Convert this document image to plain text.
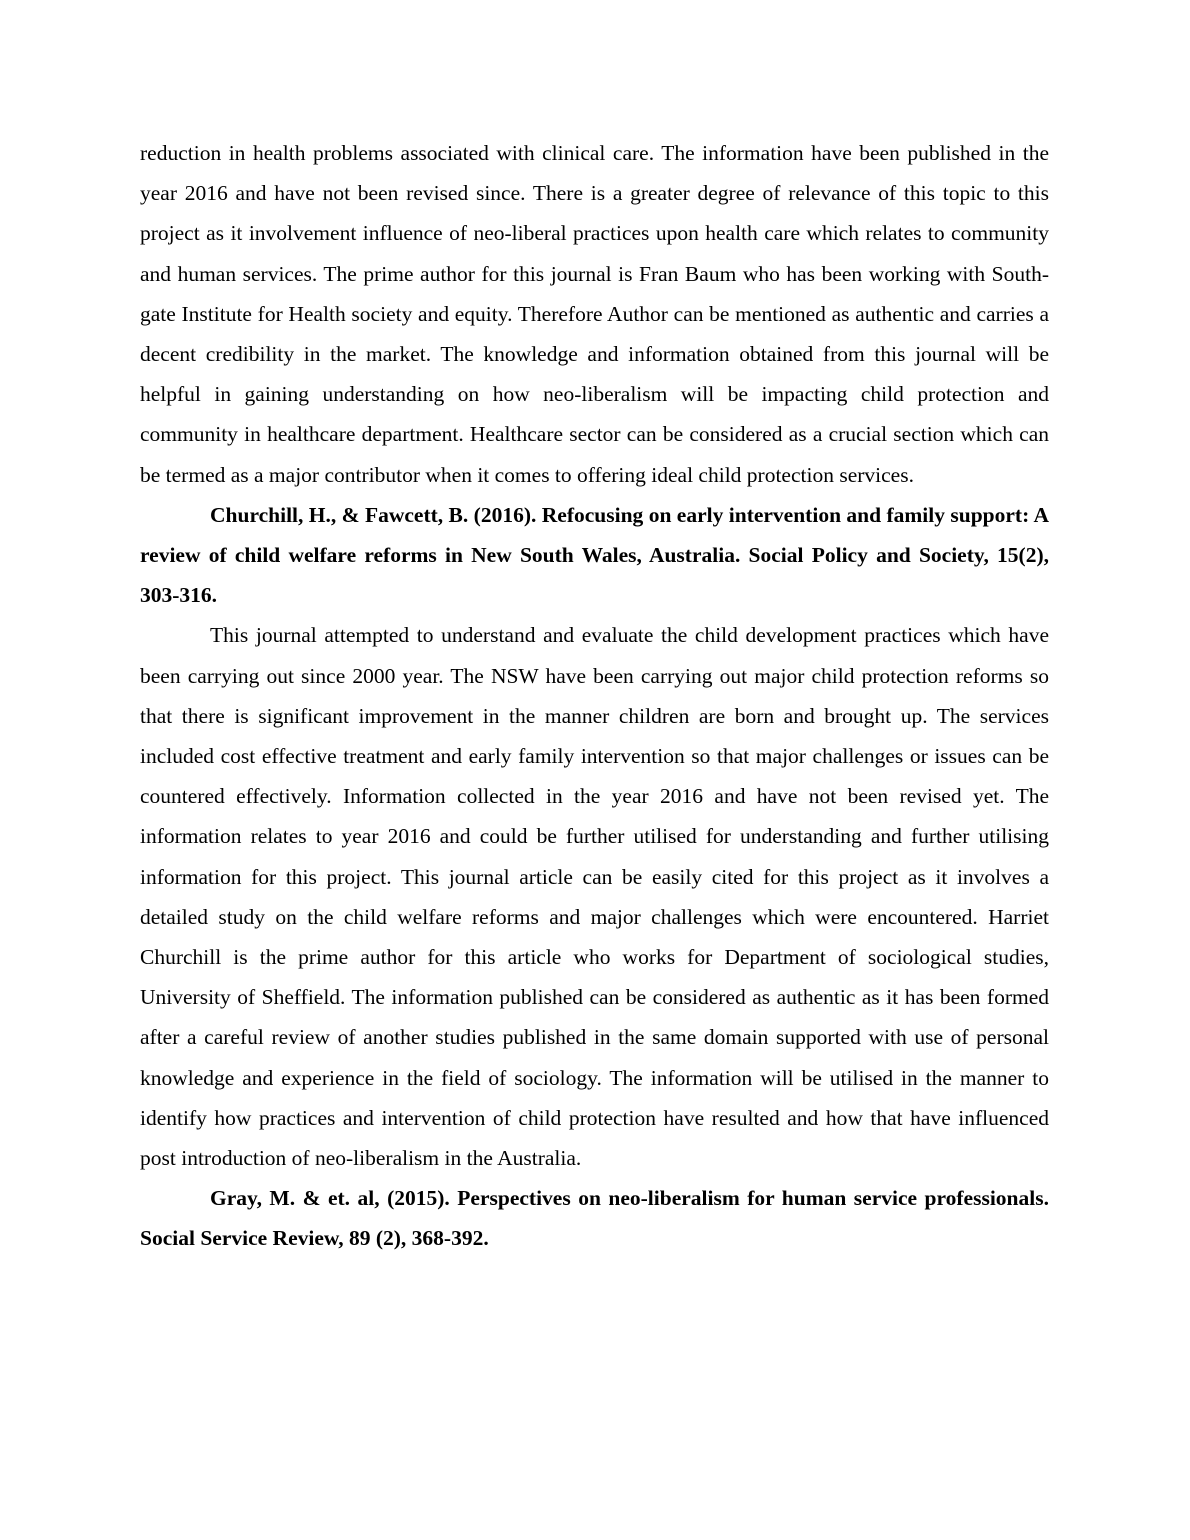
reduction in health problems associated with clinical care. The information have been published in the year 2016 and have not been revised since. There is a greater degree of relevance of this topic to this project as it involvement influence of neo-liberal practices upon health care which relates to community and human services. The prime author for this journal is Fran Baum who has been working with South-gate Institute for Health society and equity. Therefore Author can be mentioned as authentic and carries a decent credibility in the market. The knowledge and information obtained from this journal will be helpful in gaining understanding on how neo-liberalism will be impacting child protection and community in healthcare department. Healthcare sector can be considered as a crucial section which can be termed as a major contributor when it comes to offering ideal child protection services.

Churchill, H., & Fawcett, B. (2016). Refocusing on early intervention and family support: A review of child welfare reforms in New South Wales, Australia. Social Policy and Society, 15(2), 303-316.

This journal attempted to understand and evaluate the child development practices which have been carrying out since 2000 year. The NSW have been carrying out major child protection reforms so that there is significant improvement in the manner children are born and brought up. The services included cost effective treatment and early family intervention so that major challenges or issues can be countered effectively. Information collected in the year 2016 and have not been revised yet. The information relates to year 2016 and could be further utilised for understanding and further utilising information for this project. This journal article can be easily cited for this project as it involves a detailed study on the child welfare reforms and major challenges which were encountered. Harriet Churchill is the prime author for this article who works for Department of sociological studies, University of Sheffield. The information published can be considered as authentic as it has been formed after a careful review of another studies published in the same domain supported with use of personal knowledge and experience in the field of sociology. The information will be utilised in the manner to identify how practices and intervention of child protection have resulted and how that have influenced post introduction of neo-liberalism in the Australia.

Gray, M. & et. al, (2015). Perspectives on neo-liberalism for human service professionals. Social Service Review, 89 (2), 368-392.
